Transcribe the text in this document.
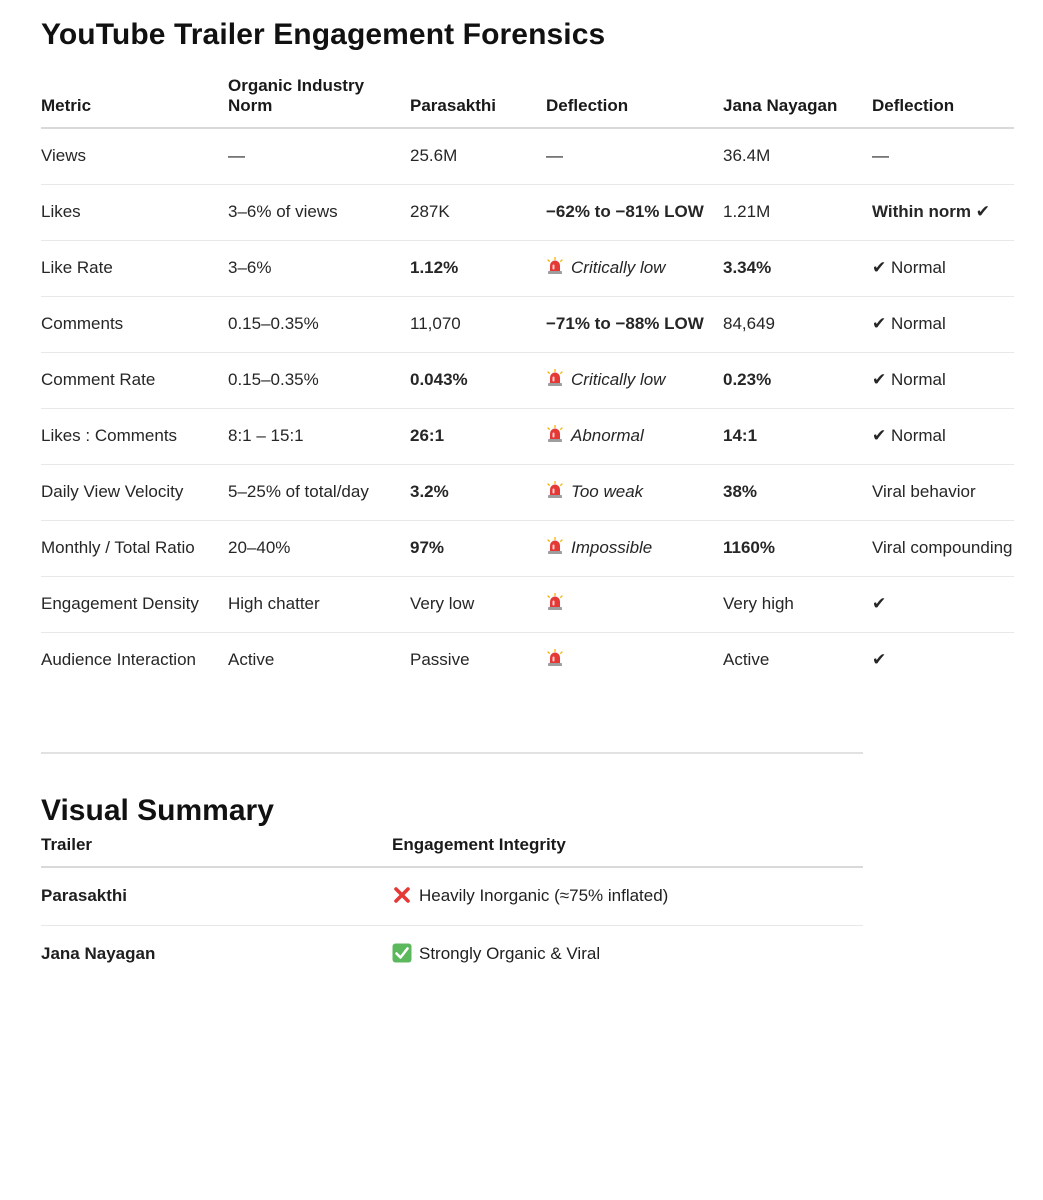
YouTube Trailer Engagement Forensics
Metric	Organic Industry Norm	Parasakthi	Deflection	Jana Nayagan	Deflection
Views	—	25.6M	—	36.4M	—
Likes	3–6% of views	287K	−62% to −81% LOW	1.21M	Within norm ✔
Like Rate	3–6%	1.12%	Critically low	3.34%	✔ Normal
Comments	0.15–0.35%	11,070	−71% to −88% LOW	84,649	✔ Normal
Comment Rate	0.15–0.35%	0.043%	Critically low	0.23%	✔ Normal
Likes : Comments	8:1 – 15:1	26:1	Abnormal	14:1	✔ Normal
Daily View Velocity	5–25% of total/day	3.2%	Too weak	38%	Viral behavior
Monthly / Total Ratio	20–40%	97%	Impossible	1160%	Viral compounding
Engagement Density	High chatter	Very low		Very high	✔
Audience Interaction	Active	Passive		Active	✔
Visual Summary
Trailer	Engagement Integrity
Parasakthi	Heavily Inorganic (≈75% inflated)
Jana Nayagan	Strongly Organic & Viral
